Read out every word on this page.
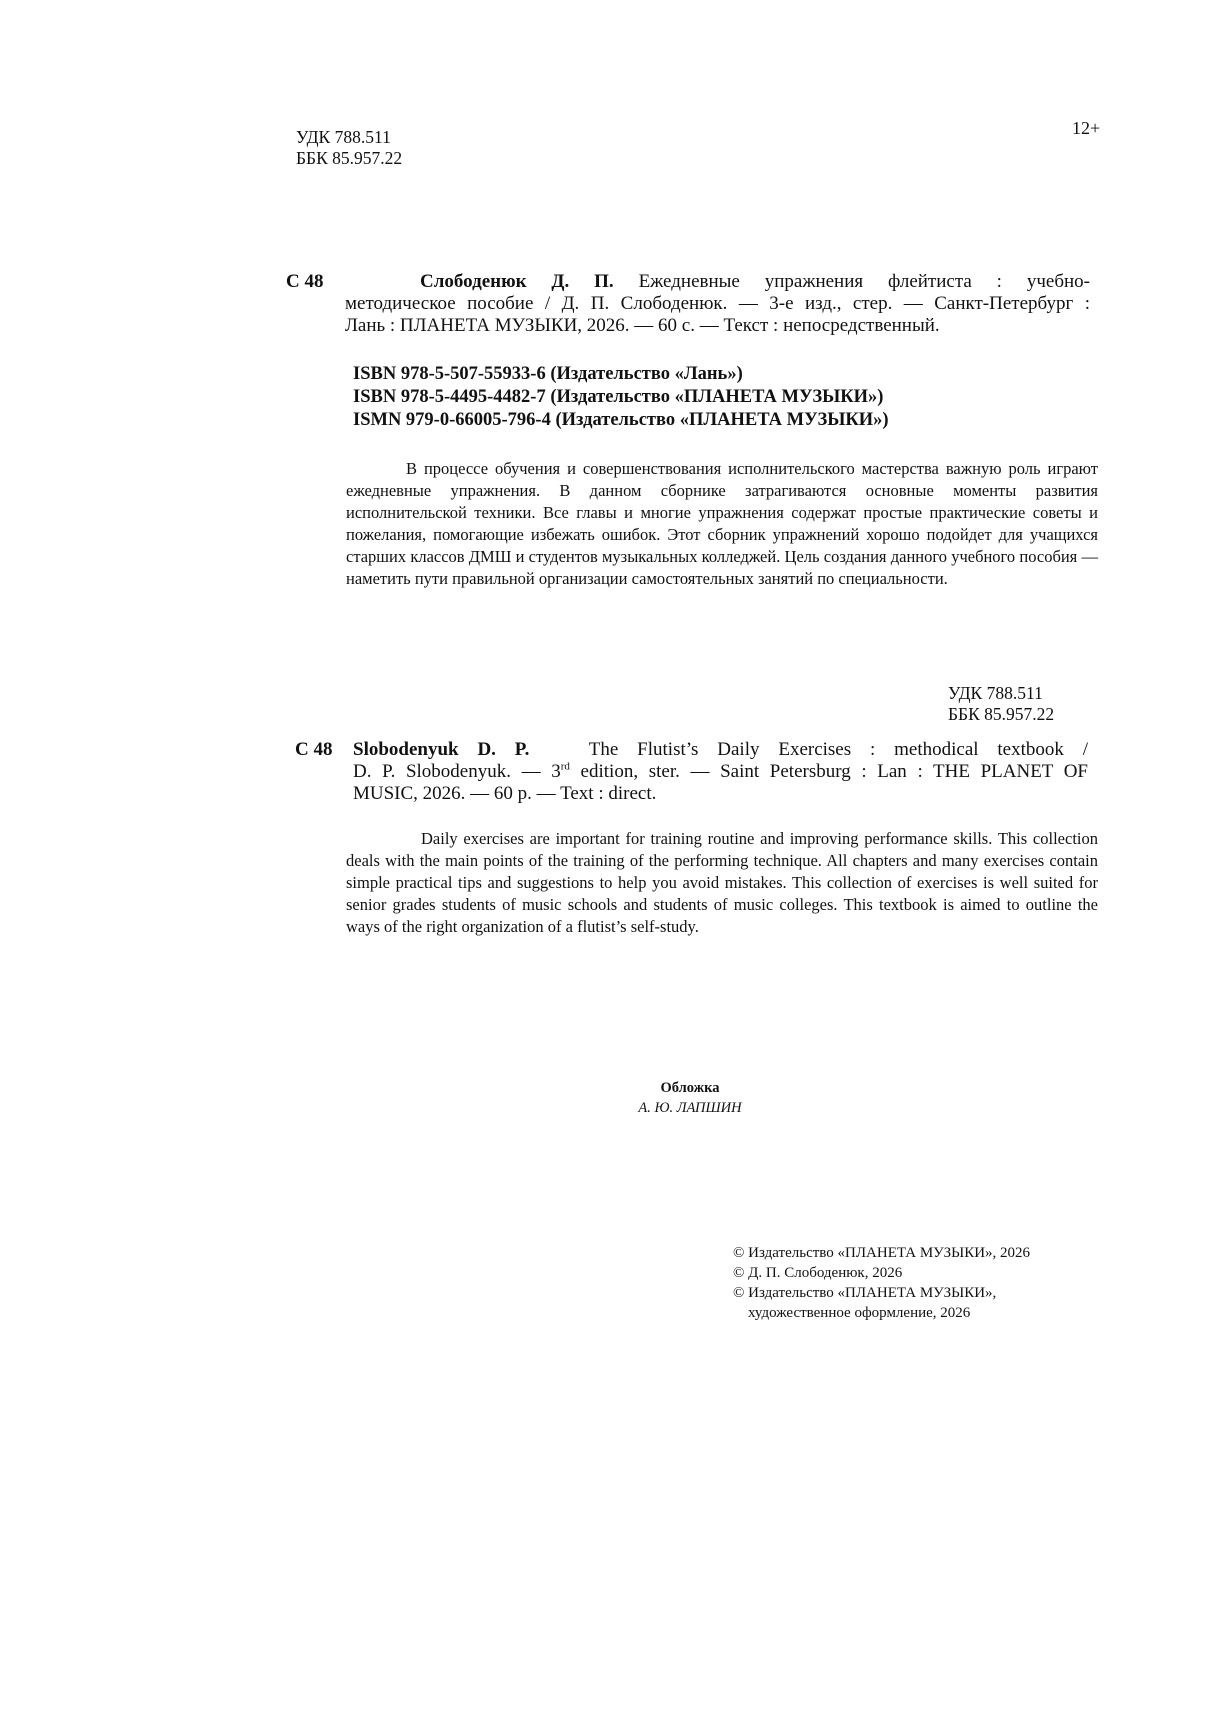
УДК 788.511
ББК 85.957.22
12+
С 48	Слободенюк Д. П. Ежедневные упражнения флейтиста : учебно-

методическое пособие / Д. П. Слободенюк. — 3-е изд., стер. — Санкт-Петербург :

Лань : ПЛАНЕТА МУЗЫКИ, 2026. — 60 с. — Текст : непосредственный.

ISBN 978-5-507-55933-6 (Издательство «Лань»)
ISBN 978-5-4495-4482-7 (Издательство «ПЛАНЕТА МУЗЫКИ»)
ISMN 979-0-66005-796-4 (Издательство «ПЛАНЕТА МУЗЫКИ»)

В процессе обучения и совершенствования исполнительского мастерства важную роль играют ежедневные упражнения. В данном сборнике затрагиваются основные моменты развития исполнительской техники. Все главы и многие упражнения содержат простые практические советы и пожелания, помогающие избежать ошибок. Этот сборник упражнений хорошо подойдет для учащихся старших классов ДМШ и студентов музыкальных колледжей. Цель создания данного учебного пособия — наметить пути правильной организации самостоятельных занятий по специальности.

УДК 788.511
ББК 85.957.22
С 48 Slobodenyuk D. P.	The Flutist’s Daily Exercises : methodical textbook /

D. P. Slobodenyuk. — 3rd edition, ster. — Saint Petersburg : Lan : THE PLANET OF

MUSIC, 2026. — 60 p. — Text : direct.

Daily exercises are important for training routine and improving performance skills. This collection deals with the main points of the training of the performing technique. All chapters and many exercises contain simple practical tips and suggestions to help you avoid mistakes. This collection of exercises is well suited for senior grades students of music schools and students of music colleges. This textbook is aimed to outline the ways of the right organization of a flutist’s self-study.

Обложка
А. Ю. ЛАПШИН
© Издательство «ПЛАНЕТА МУЗЫКИ», 2026
© Д. П. Слободенюк, 2026
© Издательство «ПЛАНЕТА МУЗЫКИ»,
художественное оформление, 2026
